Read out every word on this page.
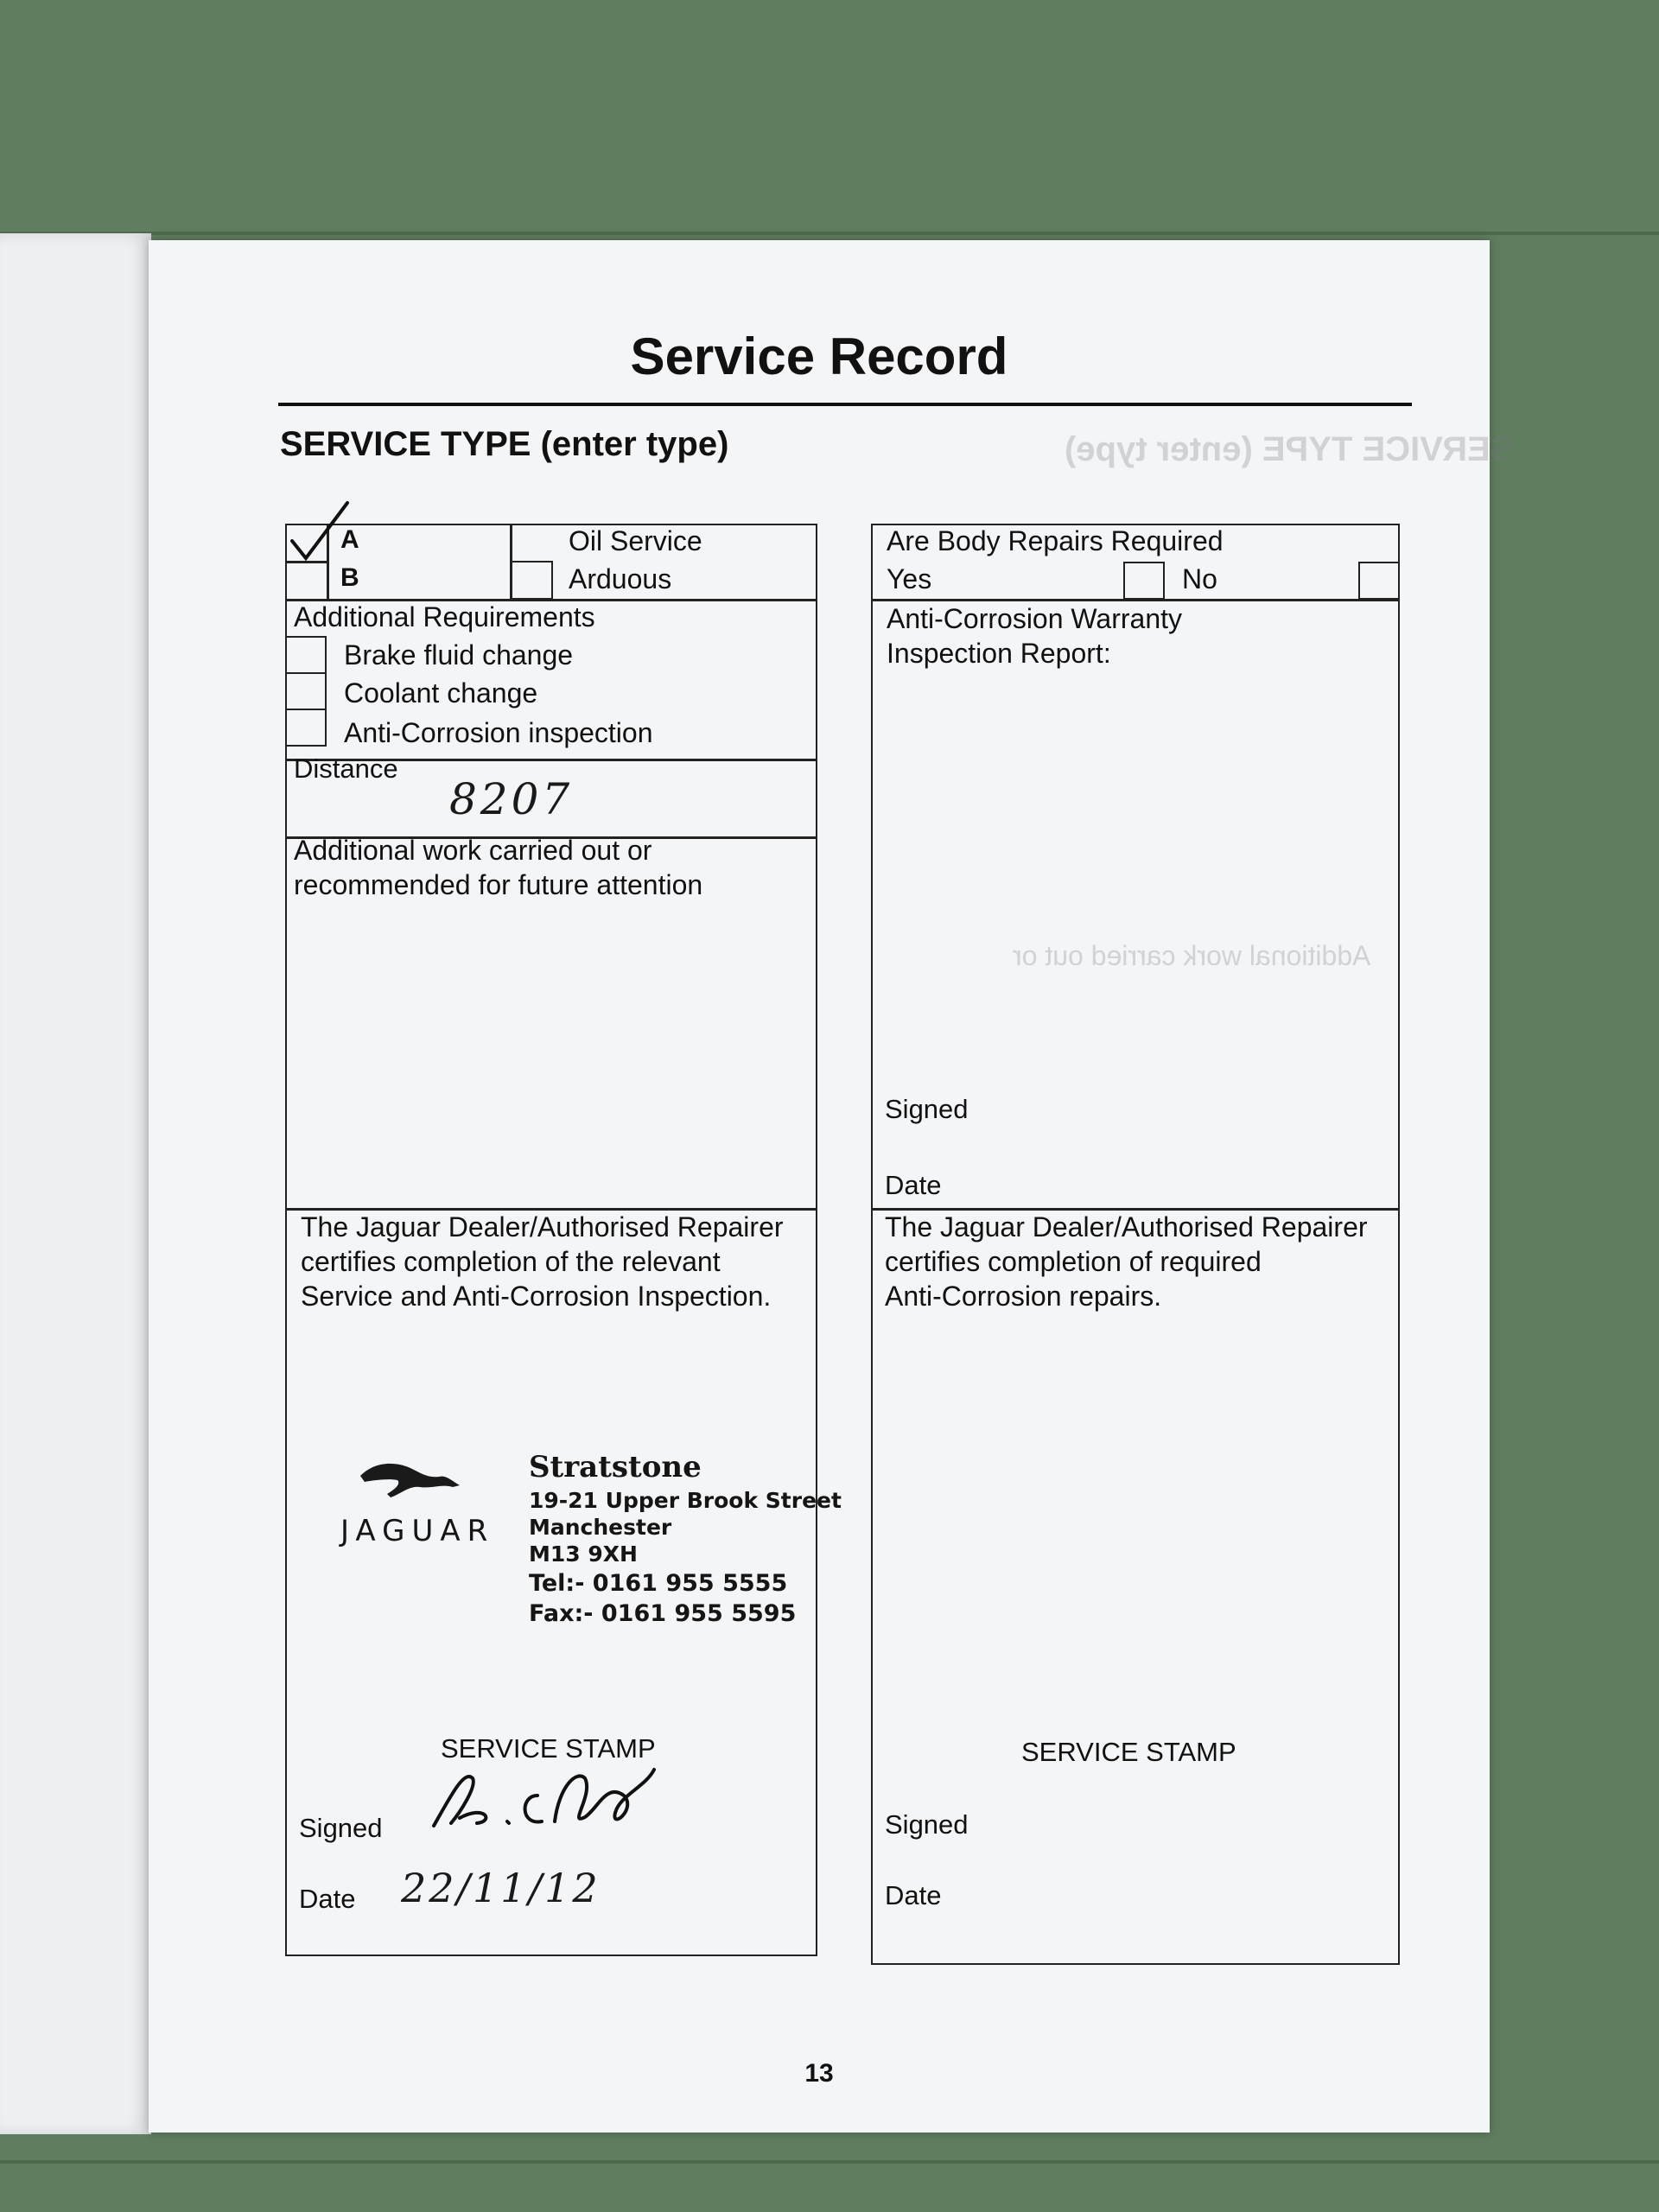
Service Record
SERVICE TYPE (enter type)	SERVICE TYPE (enter type)
Additional work carried out or
A
B
Oil Service
Arduous
Additional Requirements
Brake fluid change
Coolant change
Anti-Corrosion inspection
Distance
8207
Additional work carried out or
recommended for future attention
The Jaguar Dealer/Authorised Repairer
certifies completion of the relevant
Service and Anti-Corrosion Inspection.
JAGUAR
Stratstone
19-21 Upper Brook Street
Manchester
M13 9XH
Tel:- 0161 955 5555
Fax:- 0161 955 5595
SERVICE STAMP
Signed
Date 22/11/12
Are Body Repairs Required
Yes	No
Anti-Corrosion Warranty
Inspection Report:
Signed
Date
The Jaguar Dealer/Authorised Repairer
certifies completion of required
Anti-Corrosion repairs.
SERVICE STAMP
Signed
Date
13
